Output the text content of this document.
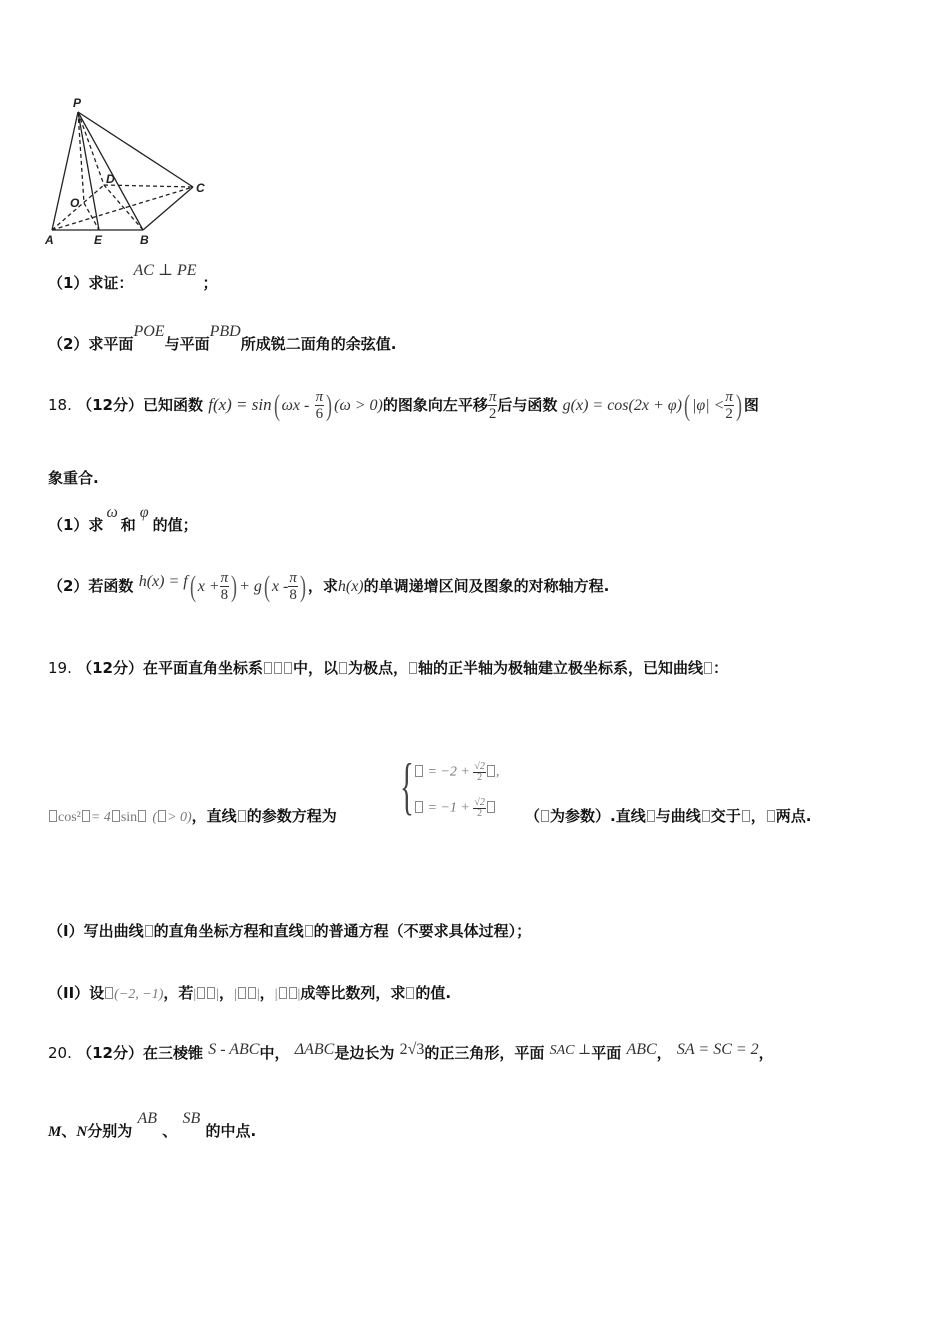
P
D
C
O
A	E	B
（1）求证：AC ⊥ PE；
（2）求平面POE与平面PBD所成锐二面角的余弦值.
18. （12分）已知函数 f(x) = sin( ωx - $\frac{\pi}{6}$ ) (ω > 0)的图象向左平移 $\frac{\pi}{2}$ 后与函数 g(x) = cos(2x + φ)( $|\varphi| < \frac{\pi}{2}$ ) 图
象重合.
（1）求ω和φ的值；
（2）若函数 h(x) = f( $x + \frac{\pi}{8}$ ) + g( x - $\frac{\pi}{8}$ ) ，求h(x)的单调递增区间及图象的对称轴方程.
19. （12分）在平面直角坐标系 中，以 为极点， 轴的正半轴为极轴建立极坐标系，已知曲线 ：
{ = $-2 + \frac{√2}{2}$ ,
= $-1 + \frac{√2}{2}$
cos² = 4 sin ( > 0)，直线 的参数方程为	（ 为参数）.直线 与曲线 交于 ， 两点.
（I）写出曲线 的直角坐标方程和直线 的普通方程（不要求具体过程）；
（II）设 (−2, −1)，若| |，| |，| |成等比数列，求 的值.
20. （12分）在三棱锥 S - ABC中， ΔABC是边长为 2√3的正三角形，平面 SAC ⊥平面 ABC， SA = SC = 2，
M、N分别为 AB 、 SB 的中点.
